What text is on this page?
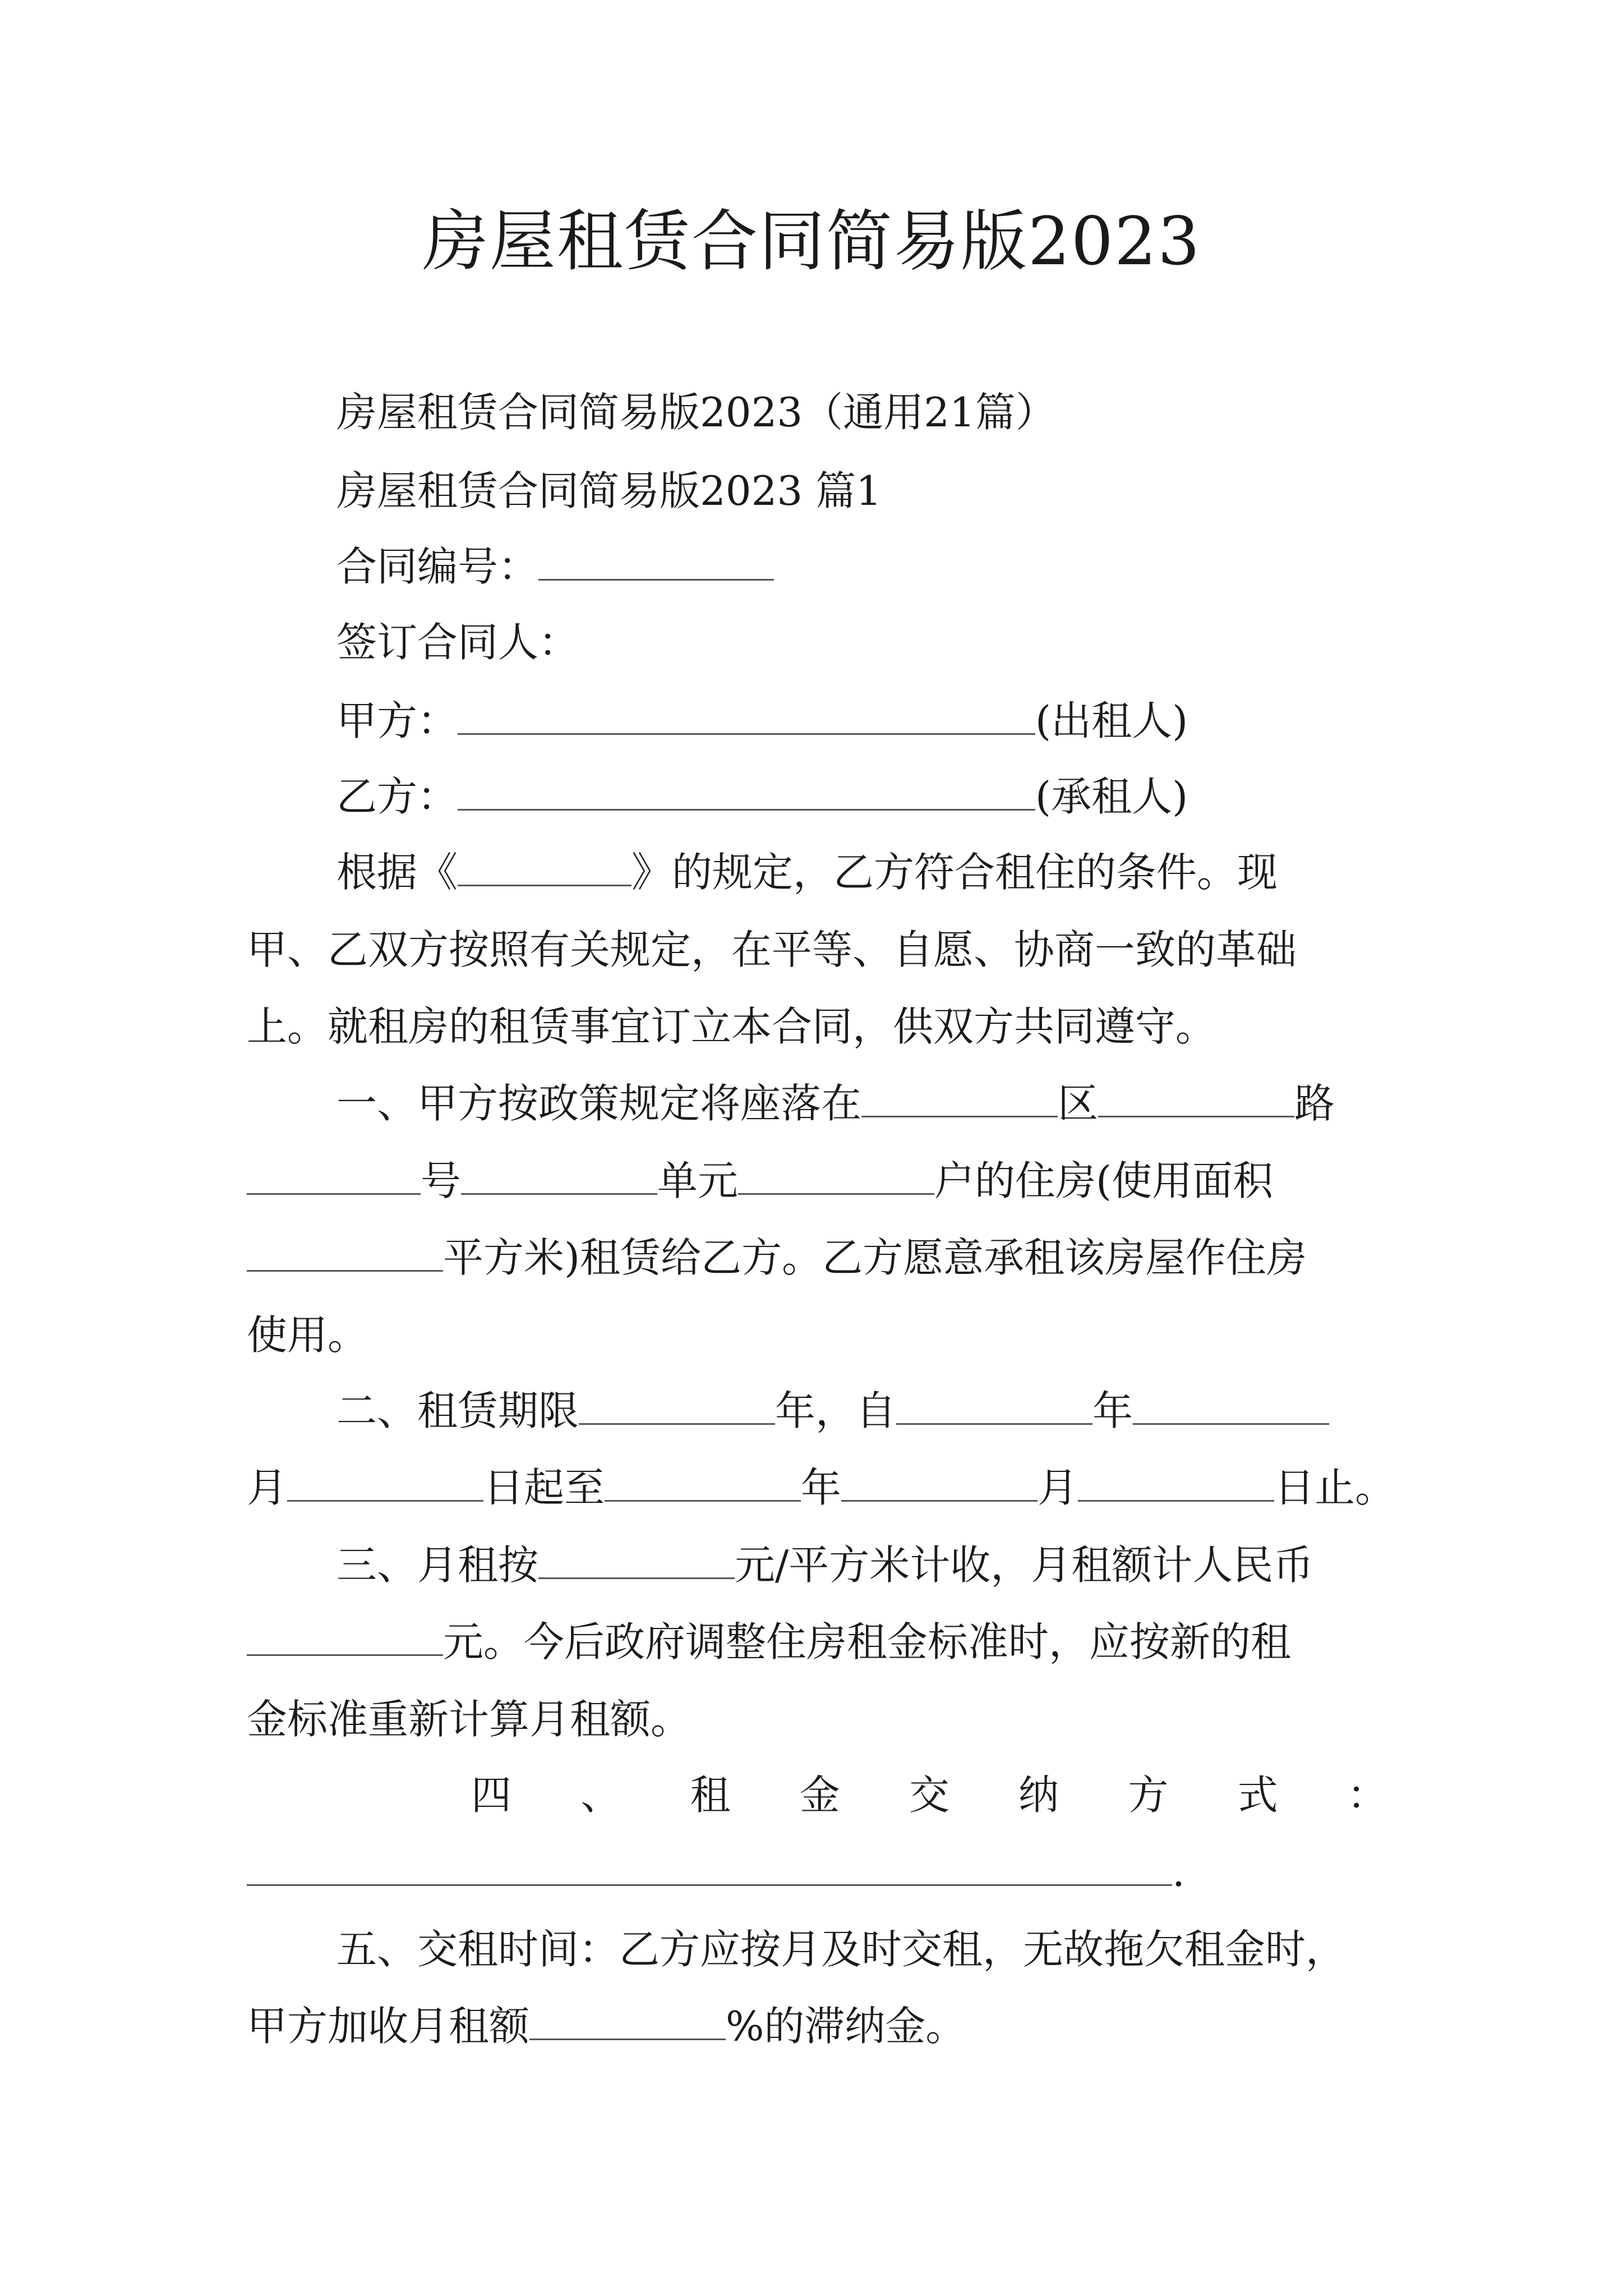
房屋租赁合同简易版2023
房屋租赁合同简易版2023（通用21篇）
房屋租赁合同简易版2023 篇1
合同编号：
签订合同人：
甲方：	(出租人)
乙方：	(承租人)
根据《	》的规定，乙方符合租住的条件。现
甲、乙双方按照有关规定，在平等、自愿、协商一致的革础
上。就租房的租赁事宜订立本合同，供双方共同遵守。
一、甲方按政策规定将座落在	区	路
号	单元	户的住房(使用面积
平方米)租赁给乙方。乙方愿意承租该房屋作住房
使用。
二、租赁期限	年，自	年
月	日起至	年	月	日止。
三、月租按	元/平方米计收，月租额计人民币
元。今后政府调整住房租金标准时，应按新的租
金标准重新计算月租额。
四 、 租 金 交 纳 方 式 ：
.
五、交租时间：乙方应按月及时交租，无故拖欠租金时，
甲方加收月租额	%的滞纳金。
